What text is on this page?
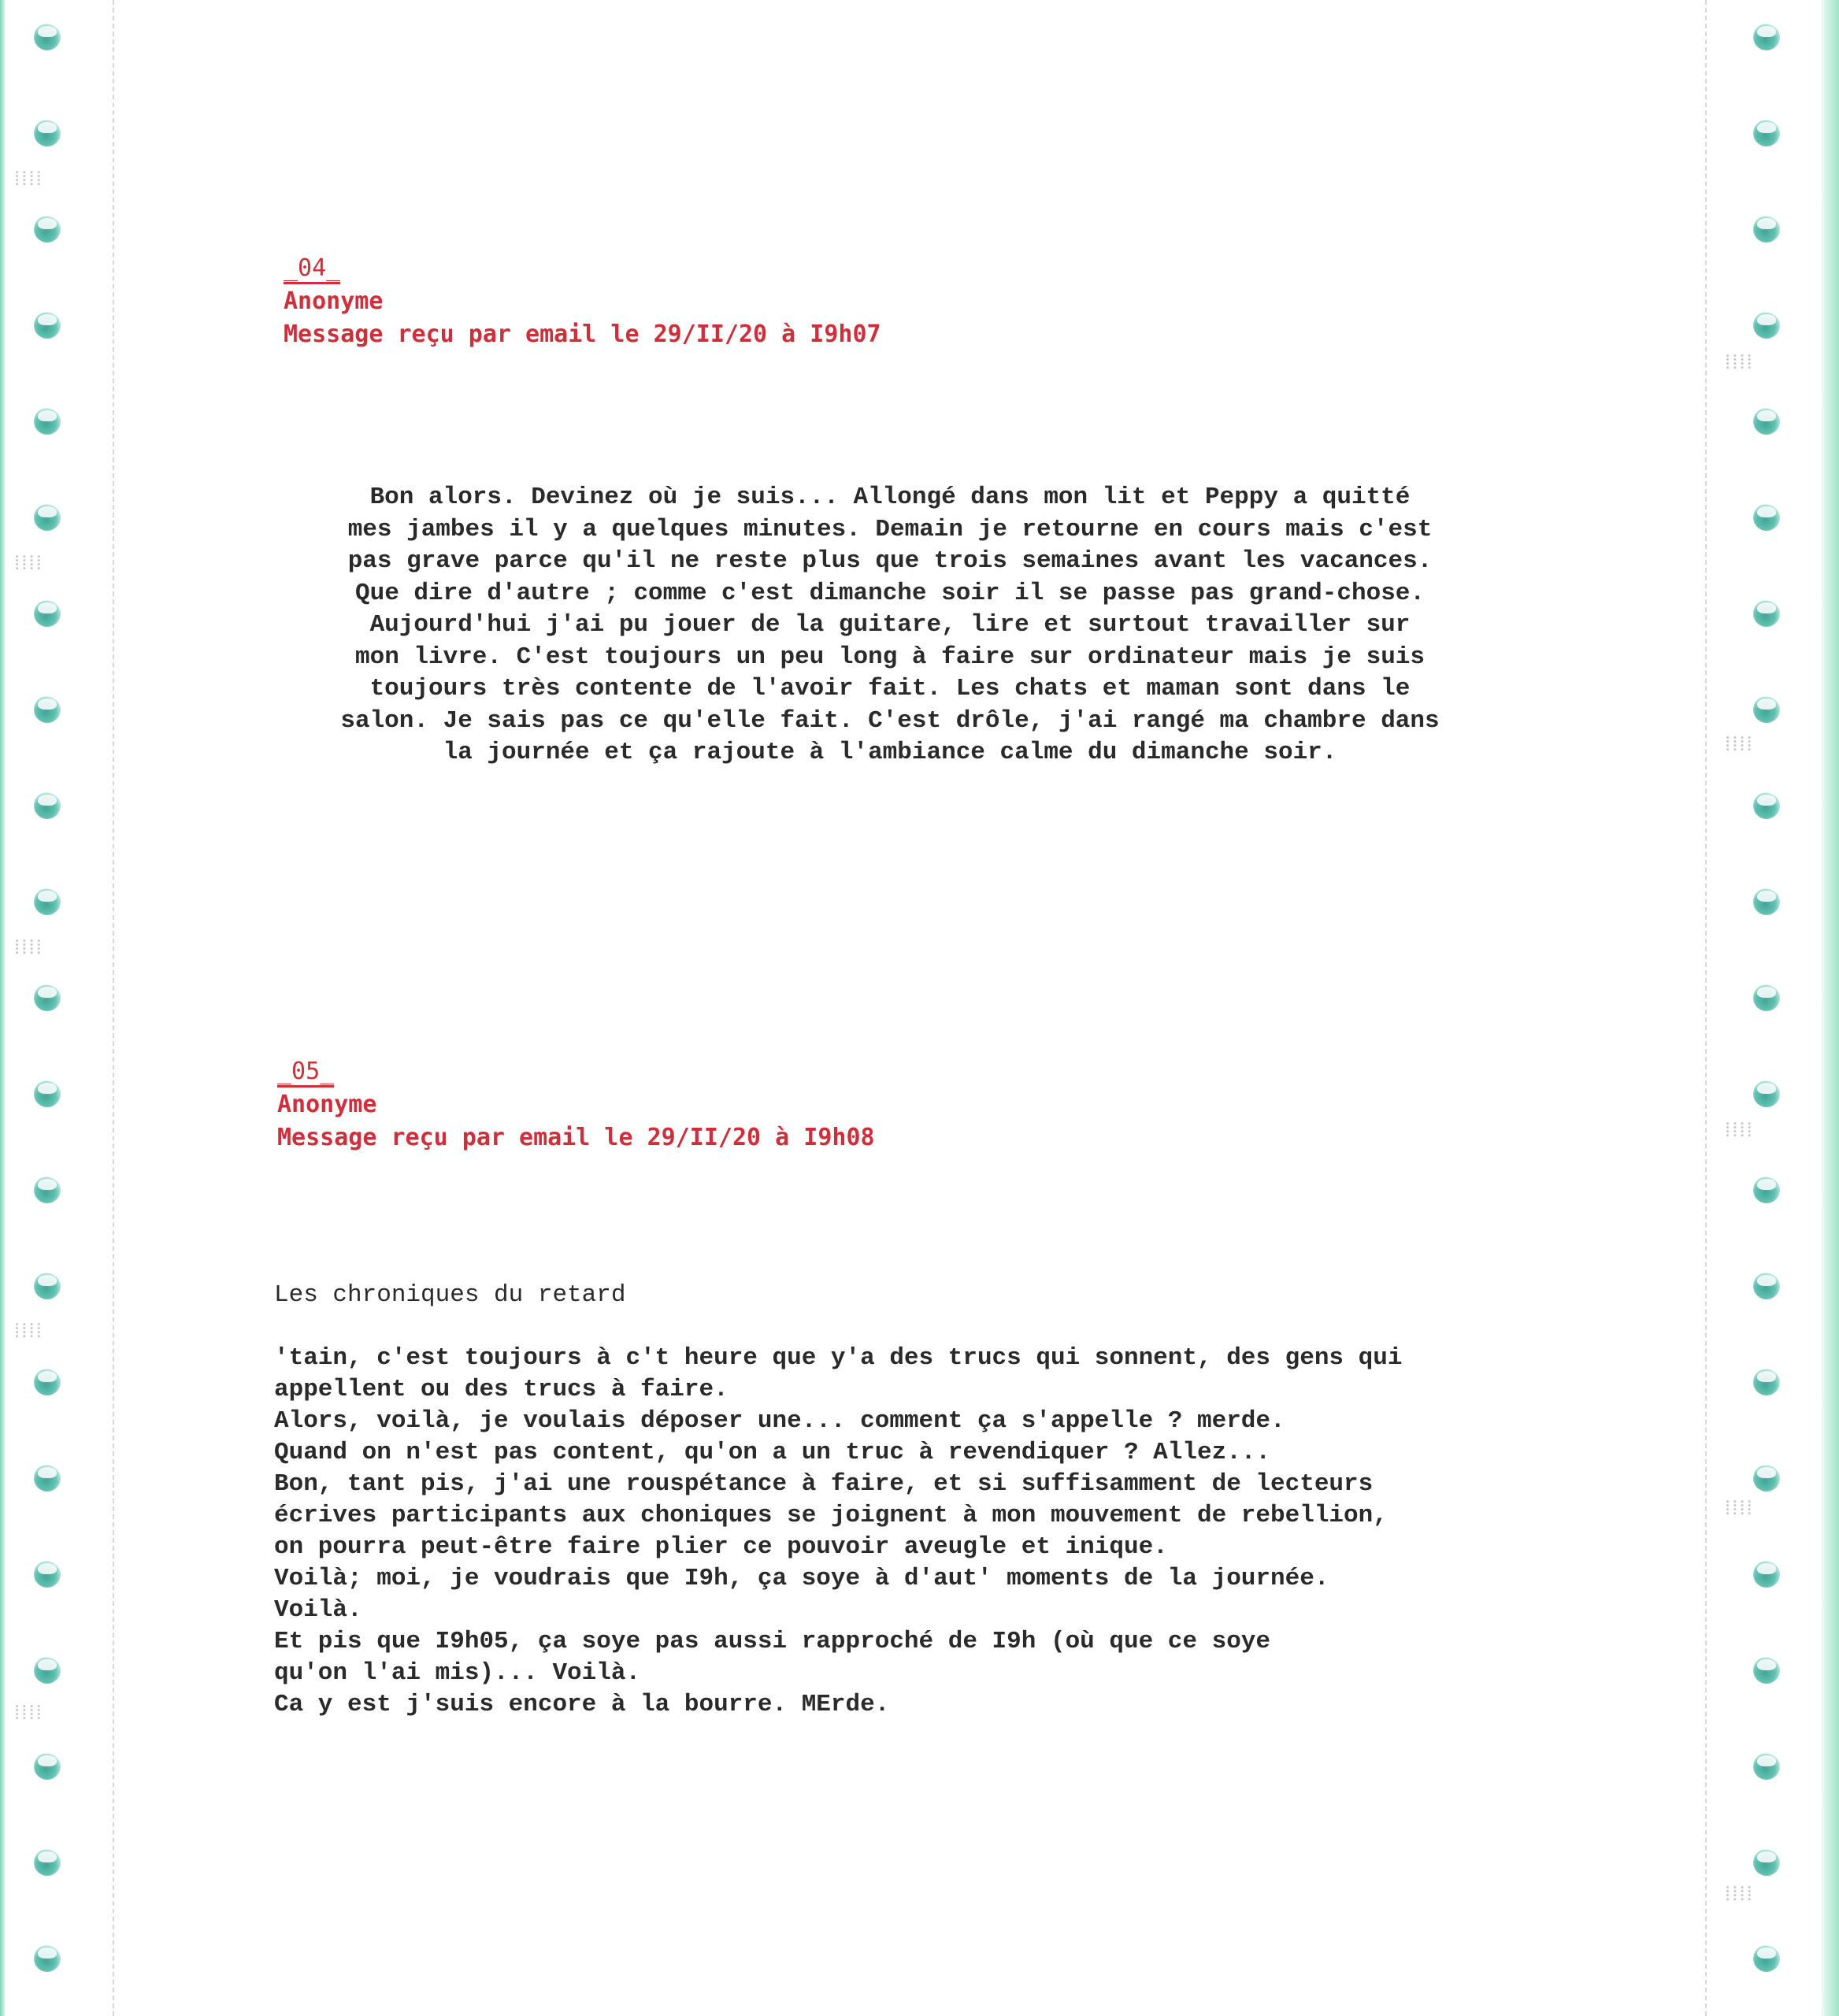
⁞⁞⁞⁞
⁞⁞⁞⁞
⁞⁞⁞⁞
⁞⁞⁞⁞
⁞⁞⁞⁞
⁞⁞⁞⁞
⁞⁞⁞⁞
⁞⁞⁞⁞
⁞⁞⁞⁞
⁞⁞⁞⁞
_04_
Anonyme
Message reçu par email le 29/II/20 à I9h07
Bon alors. Devinez où je suis... Allongé dans mon lit et Peppy a quitté
mes jambes il y a quelques minutes. Demain je retourne en cours mais c'est
pas grave parce qu'il ne reste plus que trois semaines avant les vacances.
Que dire d'autre ; comme c'est dimanche soir il se passe pas grand-chose.
Aujourd'hui j'ai pu jouer de la guitare, lire et surtout travailler sur
mon livre. C'est toujours un peu long à faire sur ordinateur mais je suis
toujours très contente de l'avoir fait. Les chats et maman sont dans le
salon. Je sais pas ce qu'elle fait. C'est drôle, j'ai rangé ma chambre dans
la journée et ça rajoute à l'ambiance calme du dimanche soir.
_05_
Anonyme
Message reçu par email le 29/II/20 à I9h08
Les chroniques du retard
'tain, c'est toujours à c't heure que y'a des trucs qui sonnent, des gens qui
appellent ou des trucs à faire.
Alors, voilà, je voulais déposer une... comment ça s'appelle ? merde.
Quand on n'est pas content, qu'on a un truc à revendiquer ? Allez...
Bon, tant pis, j'ai une rouspétance à faire, et si suffisamment de lecteurs
écrives participants aux choniques se joignent à mon mouvement de rebellion,
on pourra peut-être faire plier ce pouvoir aveugle et inique.
Voilà; moi, je voudrais que I9h, ça soye à d'aut' moments de la journée.
Voilà.
Et pis que I9h05, ça soye pas aussi rapproché de I9h (où que ce soye
qu'on l'ai mis)... Voilà.
Ca y est j'suis encore à la bourre. MErde.
